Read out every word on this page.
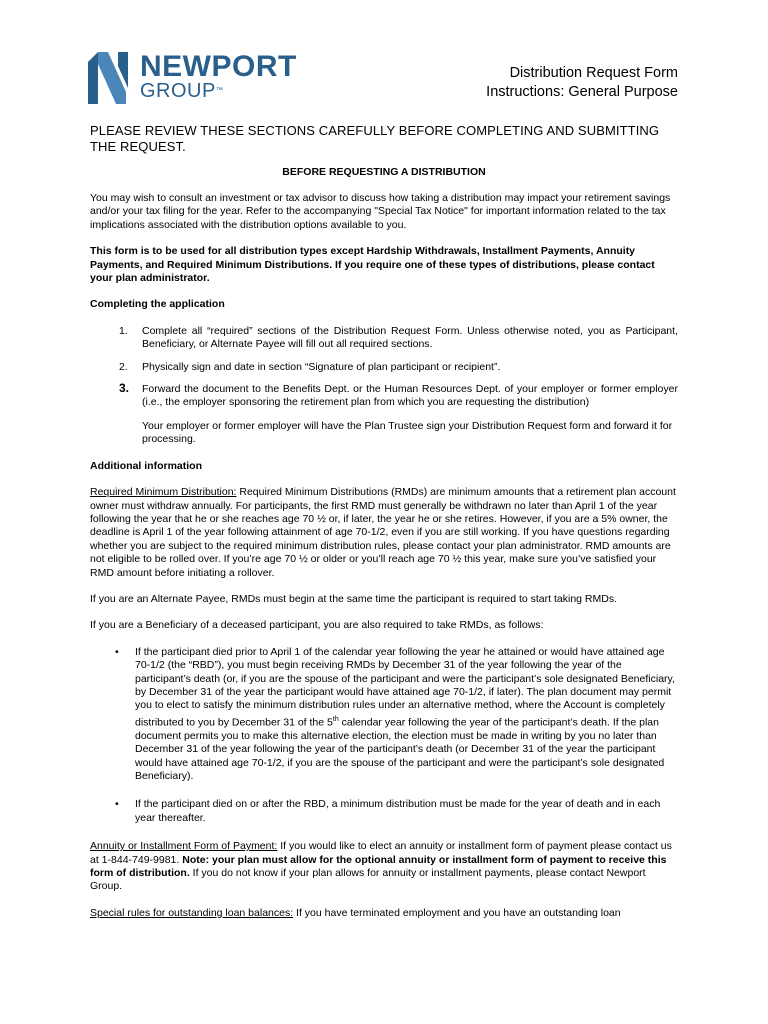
NEWPORT
GROUP™
Distribution Request Form
Instructions: General Purpose
PLEASE REVIEW THESE SECTIONS CAREFULLY BEFORE COMPLETING AND SUBMITTING THE REQUEST.
BEFORE REQUESTING A DISTRIBUTION

You may wish to consult an investment or tax advisor to discuss how taking a distribution may impact your retirement savings and/or your tax filing for the year. Refer to the accompanying "Special Tax Notice" for important information related to the tax implications associated with the distribution options available to you.

This form is to be used for all distribution types except Hardship Withdrawals, Installment Payments, Annuity Payments, and Required Minimum Distributions. If you require one of these types of distributions, please contact your plan administrator.

Completing the application

1. Complete all “required” sections of the Distribution Request Form. Unless otherwise noted, you as Participant, Beneficiary, or Alternate Payee will fill out all required sections.
2. Physically sign and date in section “Signature of plan participant or recipient”.
3. Forward the document to the Benefits Dept. or the Human Resources Dept. of your employer or former employer (i.e., the employer sponsoring the retirement plan from which you are requesting the distribution)
Your employer or former employer will have the Plan Trustee sign your Distribution Request form and forward it for processing.

Additional information

Required Minimum Distribution: Required Minimum Distributions (RMDs) are minimum amounts that a retirement plan account owner must withdraw annually. For participants, the first RMD must generally be withdrawn no later than April 1 of the year following the year that he or she reaches age 70 ½ or, if later, the year he or she retires. However, if you are a 5% owner, the deadline is April 1 of the year following attainment of age 70-1/2, even if you are still working. If you have questions regarding whether you are subject to the required minimum distribution rules, please contact your plan administrator. RMD amounts are not eligible to be rolled over. If you’re age 70 ½ or older or you’ll reach age 70 ½ this year, make sure you’ve satisfied your RMD amount before initiating a rollover.

If you are an Alternate Payee, RMDs must begin at the same time the participant is required to start taking RMDs.

If you are a Beneficiary of a deceased participant, you are also required to take RMDs, as follows:

• If the participant died prior to April 1 of the calendar year following the year he attained or would have attained age 70-1/2 (the “RBD”), you must begin receiving RMDs by December 31 of the year following the year of the participant’s death (or, if you are the spouse of the participant and were the participant’s sole designated Beneficiary, by December 31 of the year the participant would have attained age 70-1/2, if later). The plan document may permit you to elect to satisfy the minimum distribution rules under an alternative method, where the Account is completely distributed to you by December 31 of the 5th calendar year following the year of the participant’s death. If the plan document permits you to make this alternative election, the election must be made in writing by you no later than December 31 of the year following the year of the participant’s death (or December 31 of the year the participant would have attained age 70-1/2, if you are the spouse of the participant and were the participant’s sole designated Beneficiary).
• If the participant died on or after the RBD, a minimum distribution must be made for the year of death and in each year thereafter.

Annuity or Installment Form of Payment: If you would like to elect an annuity or installment form of payment please contact us at 1-844-749-9981. Note: your plan must allow for the optional annuity or installment form of payment to receive this form of distribution. If you do not know if your plan allows for annuity or installment payments, please contact Newport Group.

Special rules for outstanding loan balances: If you have terminated employment and you have an outstanding loan
